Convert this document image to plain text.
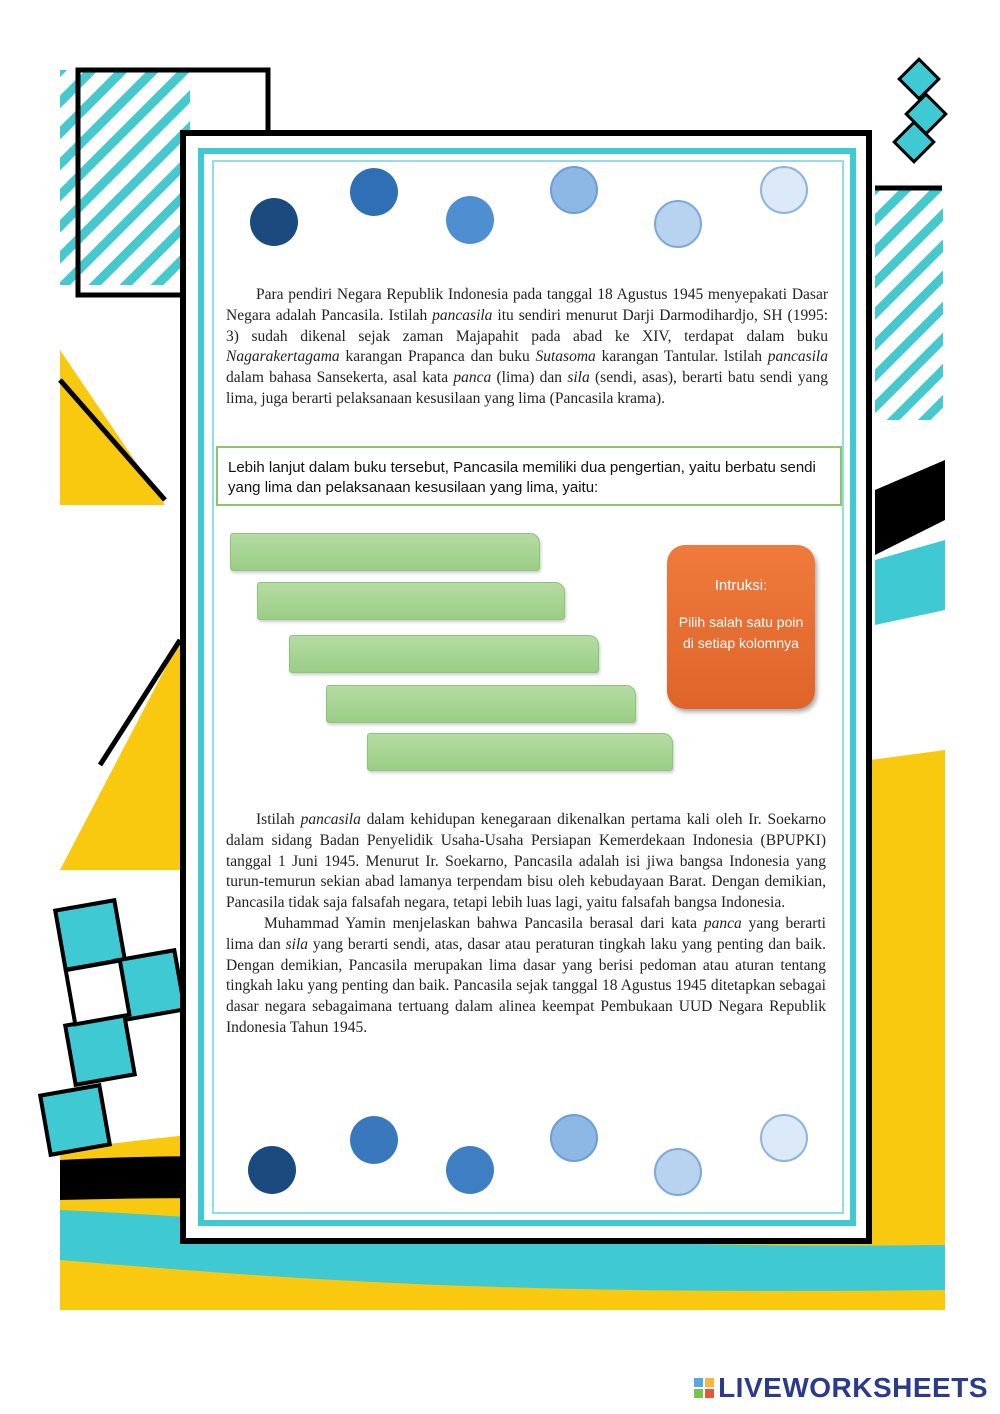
Para pendiri Negara Republik Indonesia pada tanggal 18 Agustus 1945 menyepakati Dasar Negara adalah Pancasila. Istilah pancasila itu sendiri menurut Darji Darmodihardjo, SH (1995: 3) sudah dikenal sejak zaman Majapahit pada abad ke XIV, terdapat dalam buku Nagarakertagama karangan Prapanca dan buku Sutasoma karangan Tantular. lstilah pancasila dalam bahasa Sansekerta, asal kata panca (lima) dan sila (sendi, asas), berarti batu sendi yang lima, juga berarti pelaksanaan kesusilaan yang lima (Pancasila krama).

Lebih lanjut dalam buku tersebut, Pancasila memiliki dua pengertian, yaitu berbatu sendi yang lima dan pelaksanaan kesusilaan yang lima, yaitu:
Intruksi:
Pilih salah satu poin di setiap kolomnya

Istilah pancasila dalam kehidupan kenegaraan dikenalkan pertama kali oleh Ir. Soekarno dalam sidang Badan Penyelidik Usaha-Usaha Persiapan Kemerdekaan Indonesia (BPUPKI) tanggal 1 Juni 1945. Menurut Ir. Soekarno, Pancasila adalah isi jiwa bangsa Indonesia yang turun-temurun sekian abad lamanya terpendam bisu oleh kebudayaan Barat. Dengan demikian, Pancasila tidak saja falsafah negara, tetapi lebih luas lagi, yaitu falsafah bangsa Indonesia.

Muhammad Yamin menjelaskan bahwa Pancasila berasal dari kata panca yang berarti lima dan sila yang berarti sendi, atas, dasar atau peraturan tingkah laku yang penting dan baik. Dengan demikian, Pancasila merupakan lima dasar yang berisi pedoman atau aturan tentang tingkah laku yang penting dan baik. Pancasila sejak tanggal 18 Agustus 1945 ditetapkan sebagai dasar negara sebagaimana tertuang dalam alinea keempat Pembukaan UUD Negara Republik Indonesia Tahun 1945.

LIVEWORKSHEETS
